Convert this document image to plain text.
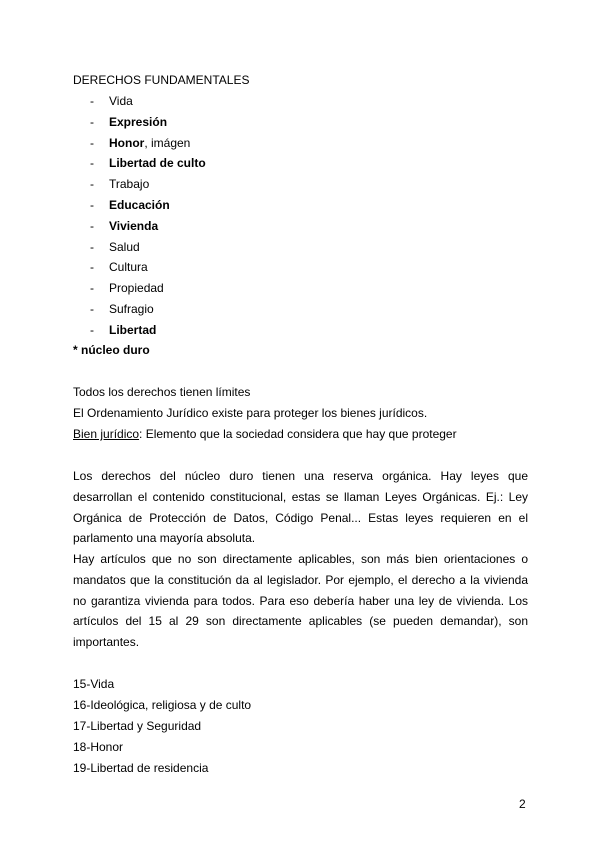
DERECHOS FUNDAMENTALES
- Vida
- Expresión
- Honor, imágen
- Libertad de culto
- Trabajo
- Educación
- Vivienda
- Salud
- Cultura
- Propiedad
- Sufragio
- Libertad
* núcleo duro
Todos los derechos tienen límites
El Ordenamiento Jurídico existe para proteger los bienes jurídicos.
Bien jurídico: Elemento que la sociedad considera que hay que proteger
Los derechos del núcleo duro tienen una reserva orgánica. Hay leyes que
desarrollan el contenido constitucional, estas se llaman Leyes Orgánicas. Ej.: Ley
Orgánica de Protección de Datos, Código Penal... Estas leyes requieren en el
parlamento una mayoría absoluta.
Hay artículos que no son directamente aplicables, son más bien orientaciones o
mandatos que la constitución da al legislador. Por ejemplo, el derecho a la vivienda
no garantiza vivienda para todos. Para eso debería haber una ley de vivienda. Los
artículos del 15 al 29 son directamente aplicables (se pueden demandar), son
importantes.
15-Vida
16-Ideológica, religiosa y de culto
17-Libertad y Seguridad
18-Honor
19-Libertad de residencia
2
